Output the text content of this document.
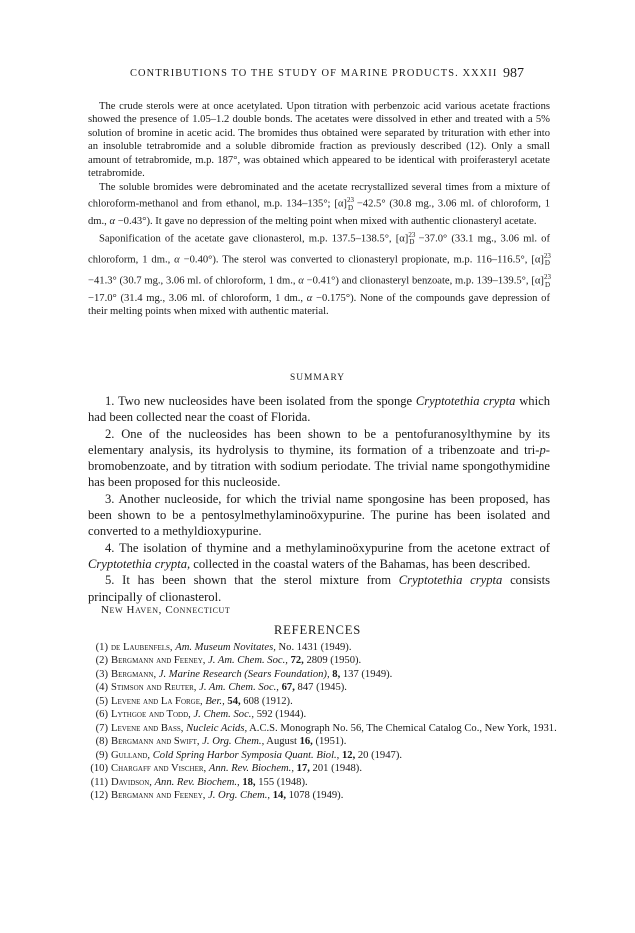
CONTRIBUTIONS TO THE STUDY OF MARINE PRODUCTS. XXXII 987

The crude sterols were at once acetylated. Upon titration with perbenzoic acid various acetate fractions showed the presence of 1.05–1.2 double bonds. The acetates were dissolved in ether and treated with a 5% solution of bromine in acetic acid. The bromides thus obtained were separated by trituration with ether into an insoluble tetrabromide and a soluble dibromide fraction as previously described (12). Only a small amount of tetrabromide, m.p. 187°, was obtained which appeared to be identical with proiferasteryl acetate tetrabromide.

The soluble bromides were debrominated and the acetate recrystallized several times from a mixture of chloroform-methanol and from ethanol, m.p. 134–135°; $[\alpha]^{23}_D -42.5^\circ$ (30.8 mg., 3.06 ml. of chloroform, 1 dm., α −0.43°). It gave no depression of the melting point when mixed with authentic clionasteryl acetate.

Saponification of the acetate gave clionasterol, m.p. 137.5–138.5°, $[\alpha]^{23}_D -37.0^\circ$ (33.1 mg., 3.06 ml. of chloroform, 1 dm., α −0.40°). The sterol was converted to clionasteryl propionate, m.p. 116–116.5°, $[\alpha]^{23}_D -41.3^\circ$ (30.7 mg., 3.06 ml. of chloroform, 1 dm., α −0.41°) and clionasteryl benzoate, m.p. 139–139.5°, $[\alpha]^{23}_D -17.0^\circ$ (31.4 mg., 3.06 ml. of chloroform, 1 dm., α −0.175°). None of the compounds gave depression of their melting points when mixed with authentic material.

SUMMARY

1. Two new nucleosides have been isolated from the sponge Cryptotethia crypta which had been collected near the coast of Florida.

2. One of the nucleosides has been shown to be a pentofuranosylthymine by its elementary analysis, its hydrolysis to thymine, its formation of a tribenzoate and tri-p-bromobenzoate, and by titration with sodium periodate. The trivial name spongothymidine has been proposed for this nucleoside.

3. Another nucleoside, for which the trivial name spongosine has been proposed, has been shown to be a pentosylmethylaminoöxypurine. The purine has been isolated and converted to a methyldioxypurine.

4. The isolation of thymine and a methylaminoöxypurine from the acetone extract of Cryptotethia crypta, collected in the coastal waters of the Bahamas, has been described.

5. It has been shown that the sterol mixture from Cryptotethia crypta consists principally of clionasterol.

New Haven, Connecticut
REFERENCES
(1) de Laubenfels, Am. Museum Novitates, No. 1431 (1949).
(2) Bergmann and Feeney, J. Am. Chem. Soc., 72, 2809 (1950).
(3) Bergmann, J. Marine Research (Sears Foundation), 8, 137 (1949).
(4) Stimson and Reuter, J. Am. Chem. Soc., 67, 847 (1945).
(5) Levene and La Forge, Ber., 54, 608 (1912).
(6) Lythgoe and Todd, J. Chem. Soc., 592 (1944).
(7) Levene and Bass, Nucleic Acids, A.C.S. Monograph No. 56, The Chemical Catalog Co., New York, 1931.
(8) Bergmann and Swift, J. Org. Chem., August 16, (1951).
(9) Gulland, Cold Spring Harbor Symposia Quant. Biol., 12, 20 (1947).
(10) Chargaff and Vischer, Ann. Rev. Biochem., 17, 201 (1948).
(11) Davidson, Ann. Rev. Biochem., 18, 155 (1948).
(12) Bergmann and Feeney, J. Org. Chem., 14, 1078 (1949).
